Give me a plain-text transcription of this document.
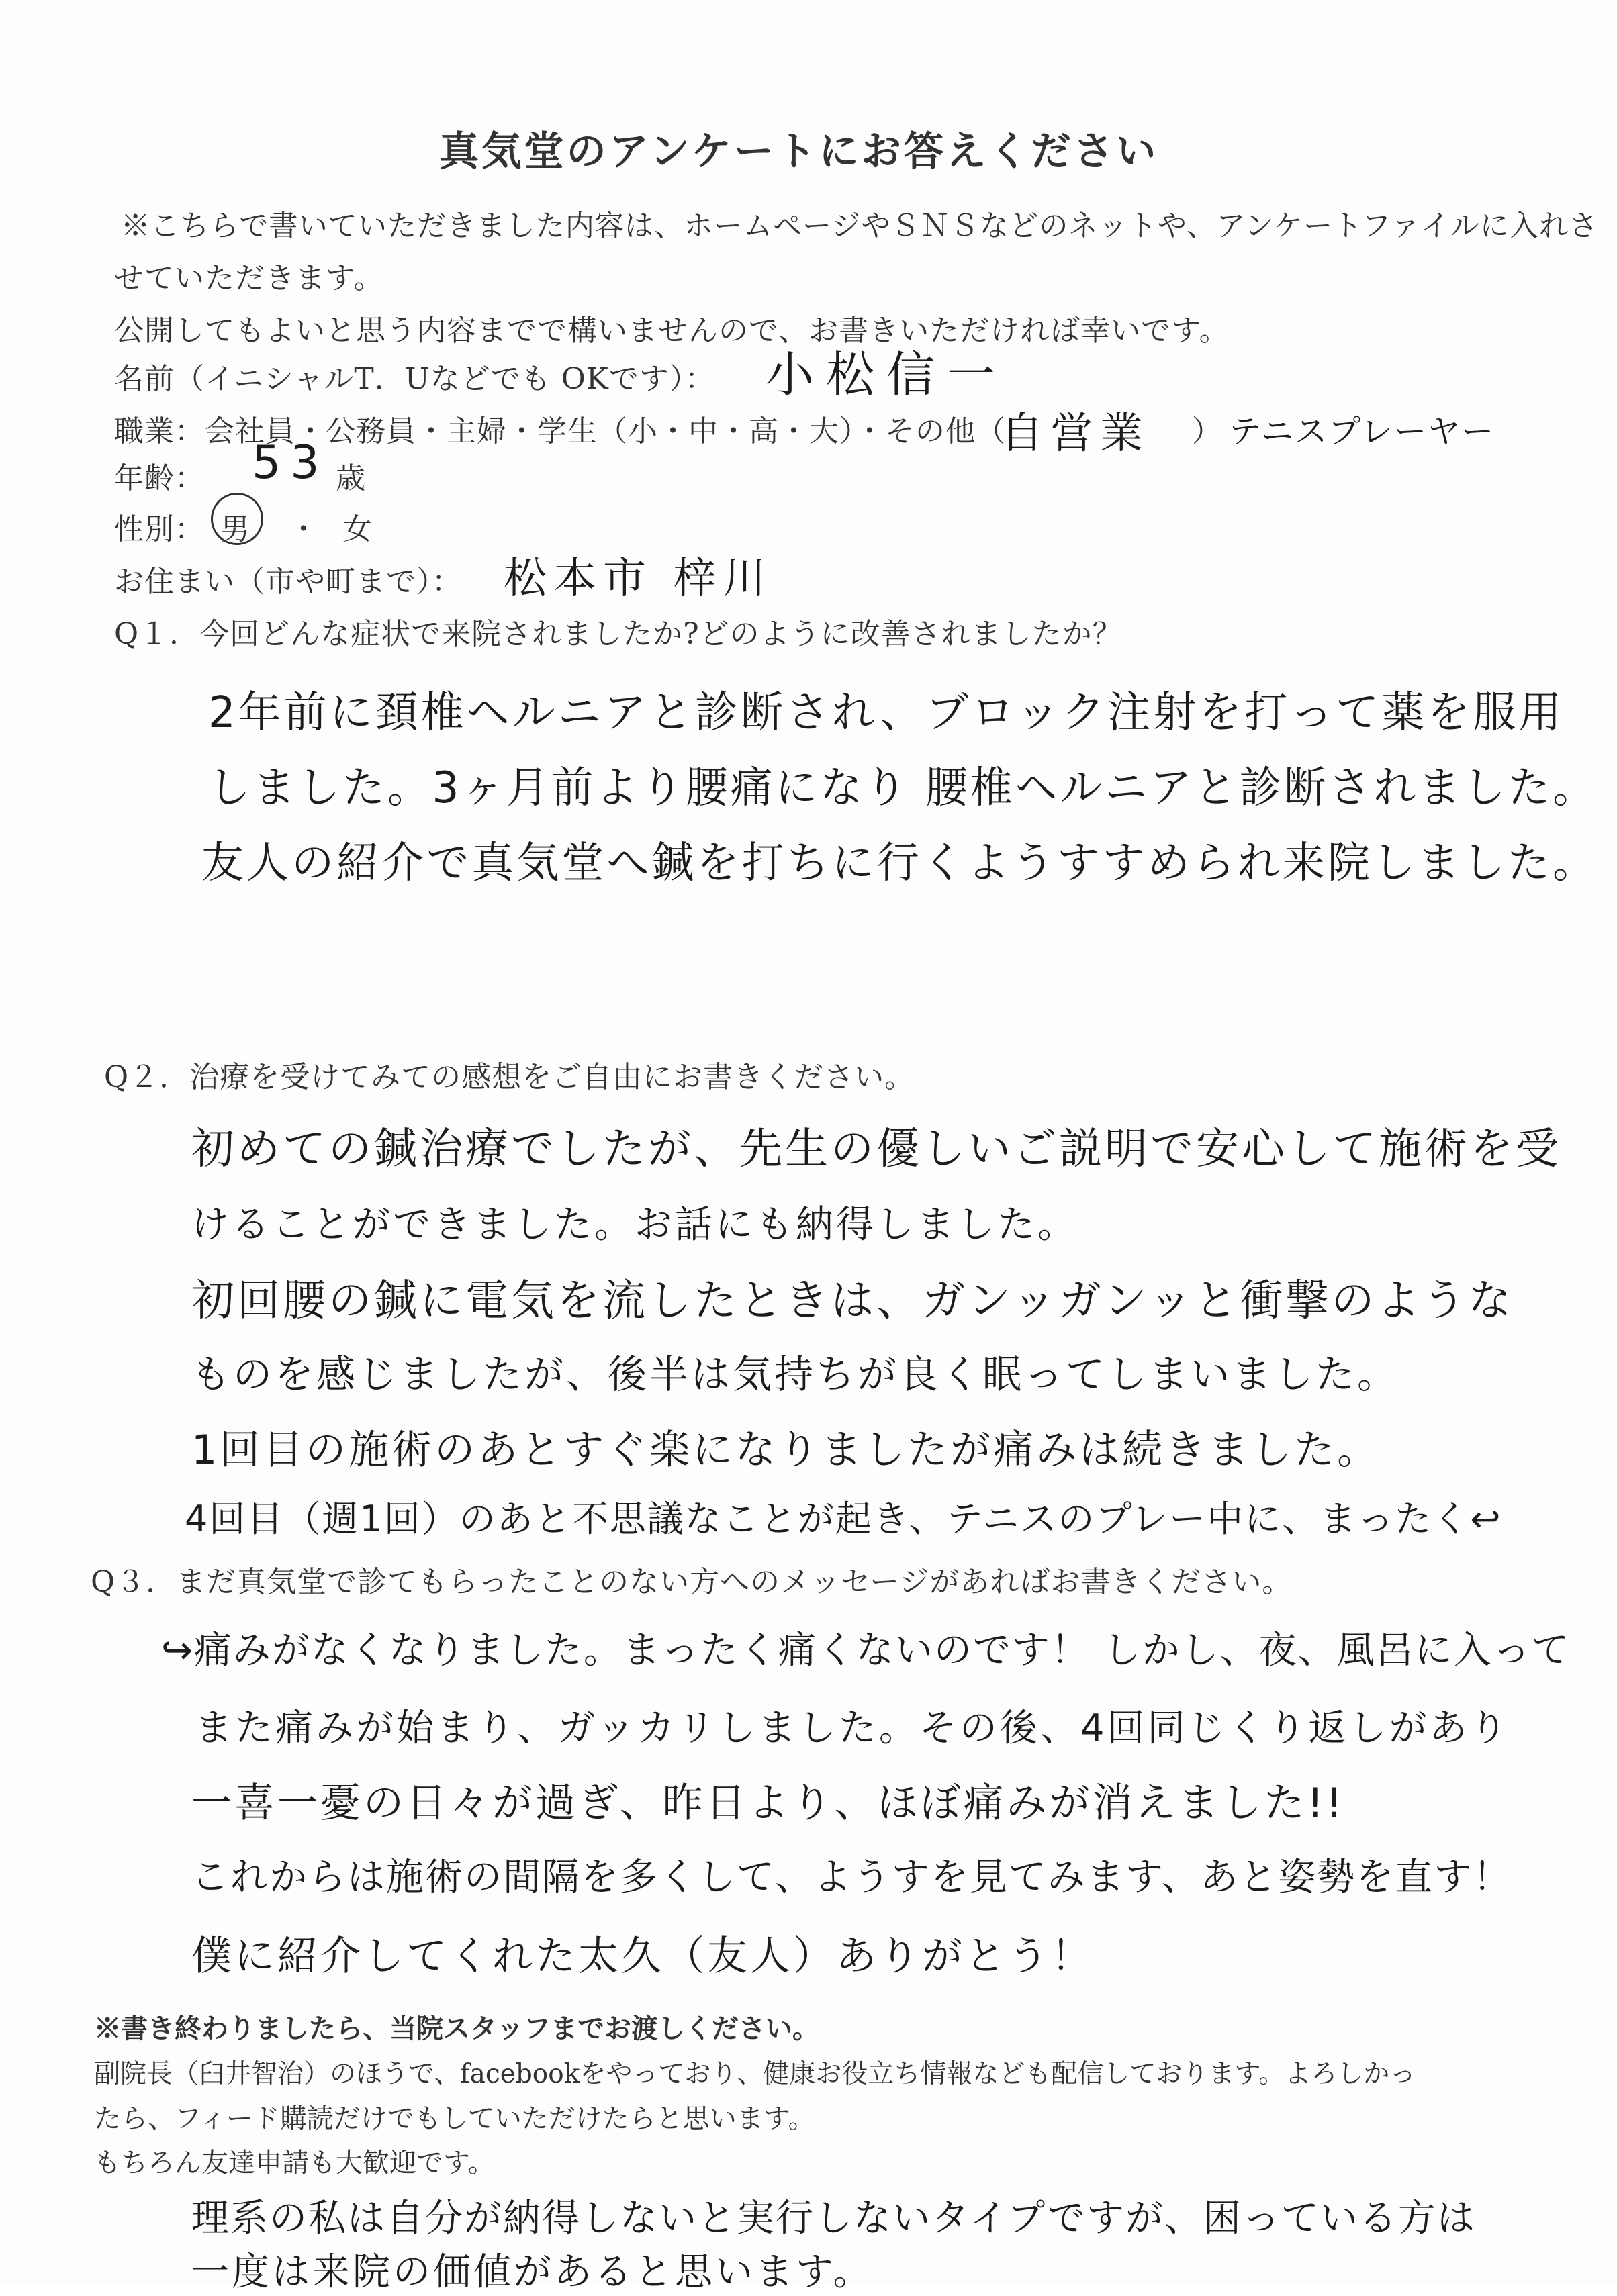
真気堂のアンケートにお答えください
※こちらで書いていただきました内容は、ホームページやＳＮＳなどのネットや、アンケートファイルに入れさ
せていただきます。
公開してもよいと思う内容までで構いませんので、お書きいただければ幸いです。
名前（イニシャルT．Uなどでも OKです）： 小松信一
職業：会社員・公務員・主婦・学生（小・中・高・大）・その他（
自営業 ） テニスプレーヤー
年齢： 53 歳
性別： 男 ・ 女
お住まい（市や町まで）： 松本市 梓川
Q１．今回どんな症状で来院されましたか?どのように改善されましたか？
2年前に頚椎ヘルニアと診断され、ブロック注射を打って薬を服用
しました。3ヶ月前より腰痛になり 腰椎ヘルニアと診断されました。
友人の紹介で真気堂へ鍼を打ちに行くようすすめられ来院しました。
Q２．治療を受けてみての感想をご自由にお書きください。
初めての鍼治療でしたが、先生の優しいご説明で安心して施術を受
けることができました。お話にも納得しました。
初回腰の鍼に電気を流したときは、ガンッガンッと衝撃のような
ものを感じましたが、後半は気持ちが良く眠ってしまいました。
1回目の施術のあとすぐ楽になりましたが痛みは続きました。
4回目（週1回）のあと不思議なことが起き、テニスのプレー中に、まったく↩
Q３．まだ真気堂で診てもらったことのない方へのメッセージがあればお書きください。
↪痛みがなくなりました。まったく痛くないのです！ しかし、夜、風呂に入って
また痛みが始まり、ガッカリしました。その後、4回同じくり返しがあり
一喜一憂の日々が過ぎ、昨日より、ほぼ痛みが消えました!!
これからは施術の間隔を多くして、ようすを見てみます、あと姿勢を直す！
僕に紹介してくれた太久（友人）ありがとう！
※書き終わりましたら、当院スタッフまでお渡しください。
副院長（臼井智治）のほうで、facebookをやっており、健康お役立ち情報なども配信しております。よろしかっ
たら、フィード購読だけでもしていただけたらと思います。
もちろん友達申請も大歓迎です。
理系の私は自分が納得しないと実行しないタイプですが、困っている方は
一度は来院の価値があると思います。
